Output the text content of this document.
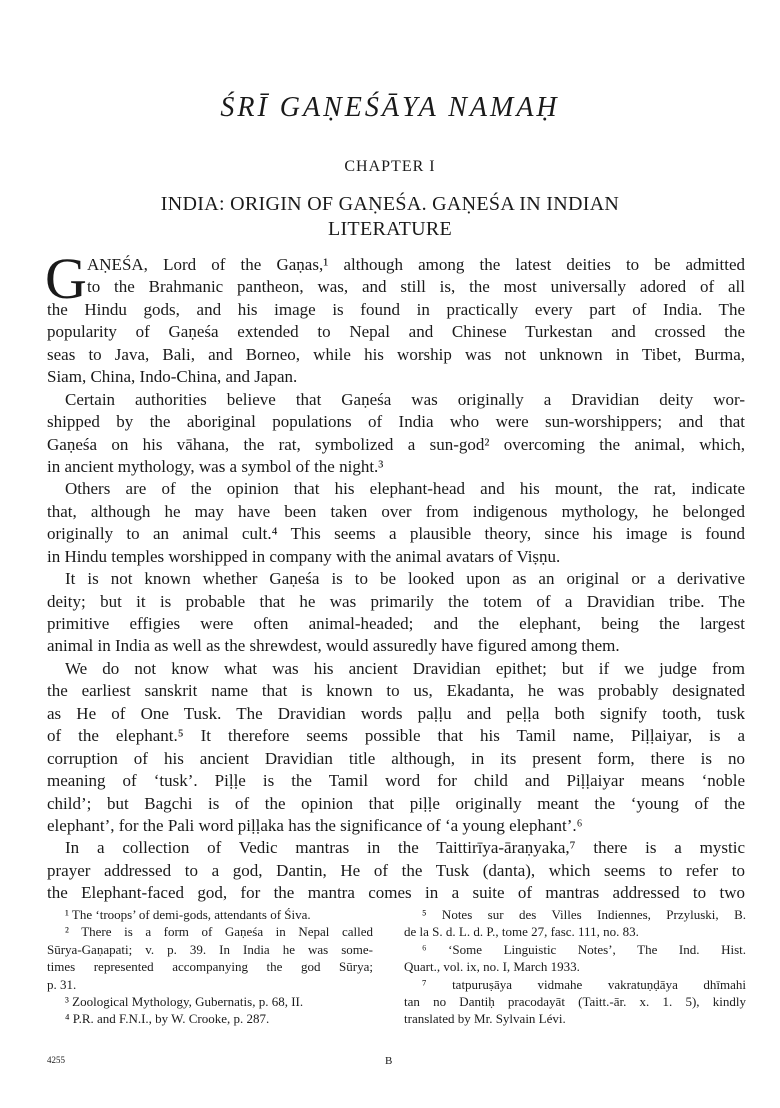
ŚRĪ GAṆEŚĀYA NAMAḤ
CHAPTER I
INDIA: ORIGIN OF GAṆEŚA. GAṆEŚA IN INDIAN
LITERATURE
G AṆEŚA, Lord of the Gaṇas,¹ although among the latest deities to be admitted
to the Brahmanic pantheon, was, and still is, the most universally adored of all
the Hindu gods, and his image is found in practically every part of India. The
popularity of Gaṇeśa extended to Nepal and Chinese Turkestan and crossed the
seas to Java, Bali, and Borneo, while his worship was not unknown in Tibet, Burma,
Siam, China, Indo-China, and Japan.
Certain authorities believe that Gaṇeśa was originally a Dravidian deity wor-
shipped by the aboriginal populations of India who were sun-worshippers; and that
Gaṇeśa on his vāhana, the rat, symbolized a sun-god² overcoming the animal, which,
in ancient mythology, was a symbol of the night.³
Others are of the opinion that his elephant-head and his mount, the rat, indicate
that, although he may have been taken over from indigenous mythology, he belonged
originally to an animal cult.⁴ This seems a plausible theory, since his image is found
in Hindu temples worshipped in company with the animal avatars of Viṣṇu.
It is not known whether Gaṇeśa is to be looked upon as an original or a derivative
deity; but it is probable that he was primarily the totem of a Dravidian tribe. The
primitive effigies were often animal-headed; and the elephant, being the largest
animal in India as well as the shrewdest, would assuredly have figured among them.
We do not know what was his ancient Dravidian epithet; but if we judge from
the earliest sanskrit name that is known to us, Ekadanta, he was probably designated
as He of One Tusk. The Dravidian words paḷḷu and peḷḷa both signify tooth, tusk
of the elephant.⁵ It therefore seems possible that his Tamil name, Piḷḷaiyar, is a
corruption of his ancient Dravidian title although, in its present form, there is no
meaning of ‘tusk’. Piḷḷe is the Tamil word for child and Piḷḷaiyar means ‘noble
child’; but Bagchi is of the opinion that piḷḷe originally meant the ‘young of the
elephant’, for the Pali word piḷḷaka has the significance of ‘a young elephant’.⁶
In a collection of Vedic mantras in the Taittirīya-āraṇyaka,⁷ there is a mystic
prayer addressed to a god, Dantin, He of the Tusk (danta), which seems to refer to
the Elephant-faced god, for the mantra comes in a suite of mantras addressed to two
¹ The ‘troops’ of demi-gods, attendants of Śiva.
² There is a form of Gaṇeśa in Nepal called
Sūrya-Gaṇapati; v. p. 39. In India he was some-
times represented accompanying the god Sūrya;
p. 31.
³ Zoological Mythology, Gubernatis, p. 68, II.
⁴ P.R. and F.N.I., by W. Crooke, p. 287.
⁵ Notes sur des Villes Indiennes, Przyluski, B.
de la S. d. L. d. P., tome 27, fasc. 111, no. 83.
⁶ ‘Some Linguistic Notes’, The Ind. Hist.
Quart., vol. ix, no. I, March 1933.
⁷ tatpuruṣāya vidmahe vakratuṇḍāya dhīmahi
tan no Dantiḥ pracodayāt (Taitt.-ār. x. 1. 5), kindly
translated by Mr. Sylvain Lévi.
4255	B
